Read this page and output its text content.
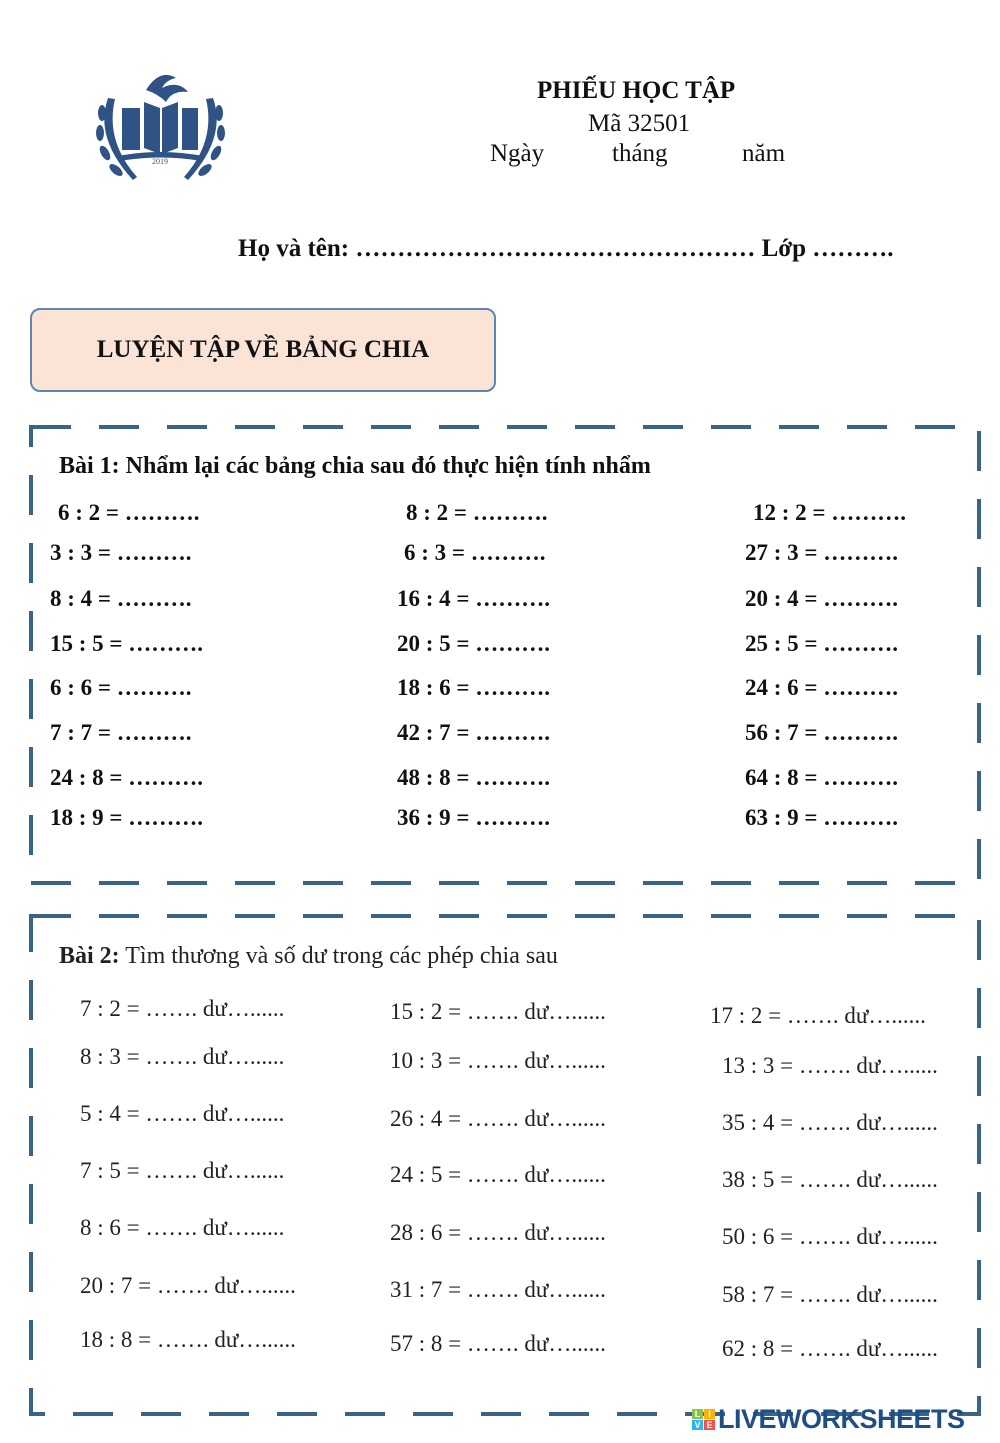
2019
PHIẾU HỌC TẬP
Mã 32501
Ngày	tháng	năm
Họ và tên: ………………………………………… Lớp ……….
LUYỆN TẬP VỀ BẢNG CHIA
Bài 1: Nhẩm lại các bảng chia sau đó thực hiện tính nhẩm
6 : 2 = ……….
3 : 3 = ……….
8 : 4 = ……….
15 : 5 = ……….
6 : 6 = ……….
7 : 7 = ……….
24 : 8 = ……….
18 : 9 = ……….
8 : 2 = ……….
6 : 3 = ……….
16 : 4 = ……….
20 : 5 = ……….
18 : 6 = ……….
42 : 7 = ……….
48 : 8 = ……….
36 : 9 = ……….
12 : 2 = ……….
27 : 3 = ……….
20 : 4 = ……….
25 : 5 = ……….
24 : 6 = ……….
56 : 7 = ……….
64 : 8 = ……….
63 : 9 = ……….
Bài 2: Tìm thương và số dư trong các phép chia sau
7 : 2 = ……. dư…......
8 : 3 = ……. dư…......
5 : 4 = ……. dư…......
7 : 5 = ……. dư…......
8 : 6 = ……. dư…......
20 : 7 = ……. dư…......
18 : 8 = ……. dư…......
15 : 2 = ……. dư…......
10 : 3 = ……. dư…......
26 : 4 = ……. dư…......
24 : 5 = ……. dư…......
28 : 6 = ……. dư…......
31 : 7 = ……. dư…......
57 : 8 = ……. dư…......
17 : 2 = ……. dư…......
13 : 3 = ……. dư…......
35 : 4 = ……. dư…......
38 : 5 = ……. dư…......
50 : 6 = ……. dư…......
58 : 7 = ……. dư…......
62 : 8 = ……. dư…......
L I
V E LIVEWORKSHEETS
